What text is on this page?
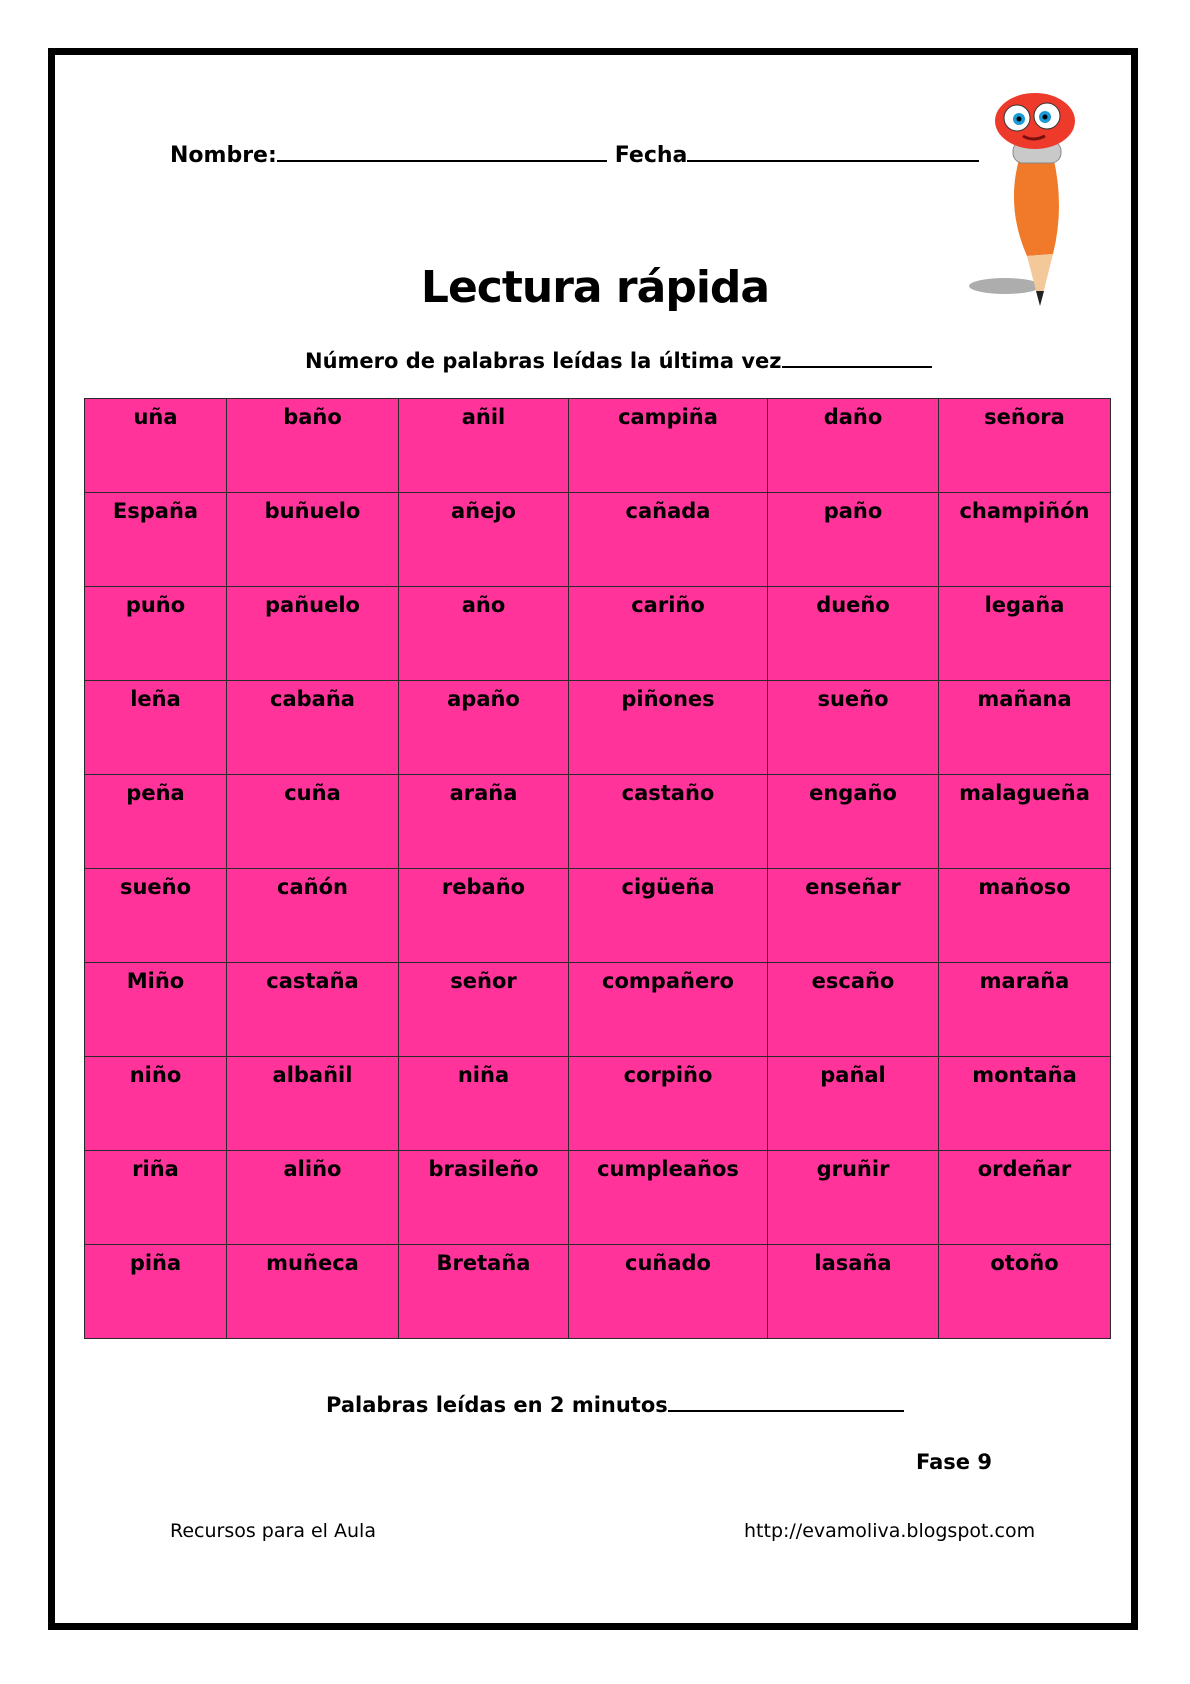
Nombre:	Fecha
Lectura rápida
Número de palabras leídas la última vez
uña	baño	añil	campiña	daño	señora
España	buñuelo	añejo	cañada	paño	champiñón
puño	pañuelo	año	cariño	dueño	legaña
leña	cabaña	apaño	piñones	sueño	mañana
peña	cuña	araña	castaño	engaño	malagueña
sueño	cañón	rebaño	cigüeña	enseñar	mañoso
Miño	castaña	señor	compañero	escaño	maraña
niño	albañil	niña	corpiño	pañal	montaña
riña	aliño	brasileño	cumpleaños	gruñir	ordeñar
piña	muñeca	Bretaña	cuñado	lasaña	otoño
Palabras leídas en 2 minutos
Fase 9
Recursos para el Aula	http://evamoliva.blogspot.com
